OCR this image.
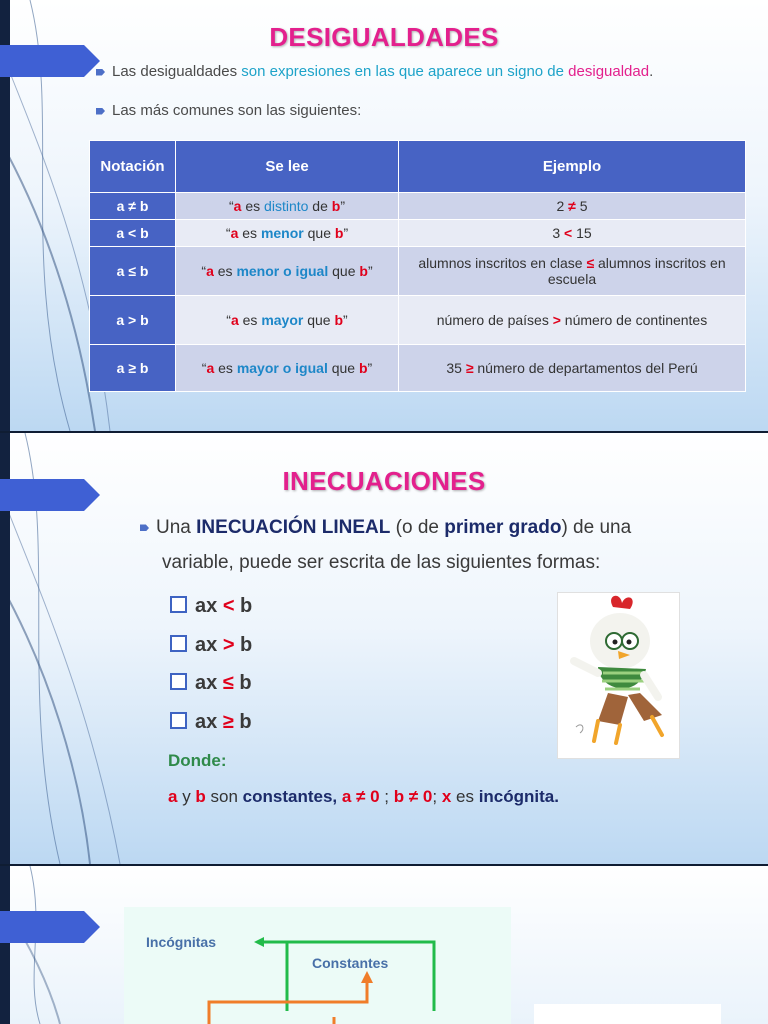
DESIGUALDADES
Las desigualdades son expresiones en las que aparece un signo de desigualdad.
Las más comunes son las siguientes:
Notación	Se lee	Ejemplo
a ≠ b	“a es distinto de b”	2 ≠ 5
a < b	“a es menor que b”	3 < 15
a ≤ b	“a es menor o igual que b”	alumnos inscritos en clase ≤ alumnos inscritos en escuela
a > b	“a es mayor que b”	número de países > número de continentes
a ≥ b	“a es mayor o igual que b”	35 ≥ número de departamentos del Perú
INECUACIONES
Una INECUACIÓN LINEAL (o de primer grado) de una
variable, puede ser escrita de las siguientes formas:
ax < b
ax > b
ax ≤ b
ax ≥ b
Donde:
a y b son constantes, a ≠ 0 ; b ≠ 0; x es incógnita.
Incógnitas
Constantes
